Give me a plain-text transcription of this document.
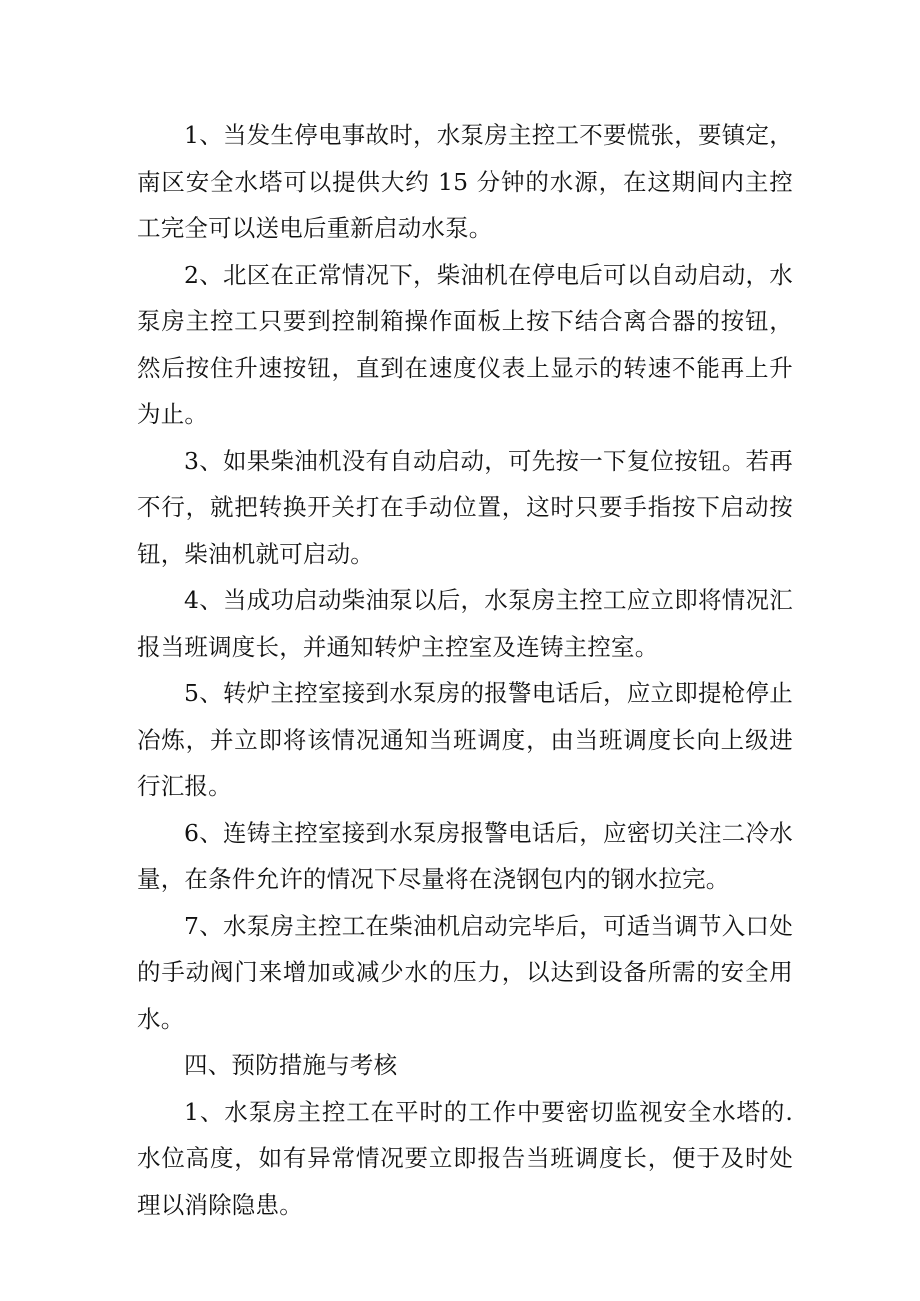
1、当发生停电事故时，水泵房主控工不要慌张，要镇定，南区安全水塔可以提供大约 15 分钟的水源，在这期间内主控工完全可以送电后重新启动水泵。

2、北区在正常情况下，柴油机在停电后可以自动启动，水泵房主控工只要到控制箱操作面板上按下结合离合器的按钮，然后按住升速按钮，直到在速度仪表上显示的转速不能再上升为止。

3、如果柴油机没有自动启动，可先按一下复位按钮。若再不行，就把转换开关打在手动位置，这时只要手指按下启动按钮，柴油机就可启动。

4、当成功启动柴油泵以后，水泵房主控工应立即将情况汇报当班调度长，并通知转炉主控室及连铸主控室。

5、转炉主控室接到水泵房的报警电话后，应立即提枪停止冶炼，并立即将该情况通知当班调度，由当班调度长向上级进行汇报。

6、连铸主控室接到水泵房报警电话后，应密切关注二冷水量，在条件允许的情况下尽量将在浇钢包内的钢水拉完。

7、水泵房主控工在柴油机启动完毕后，可适当调节入口处的手动阀门来增加或减少水的压力，以达到设备所需的安全用水。

四、预防措施与考核

1、水泵房主控工在平时的工作中要密切监视安全水塔的.水位高度，如有异常情况要立即报告当班调度长，便于及时处理以消除隐患。
